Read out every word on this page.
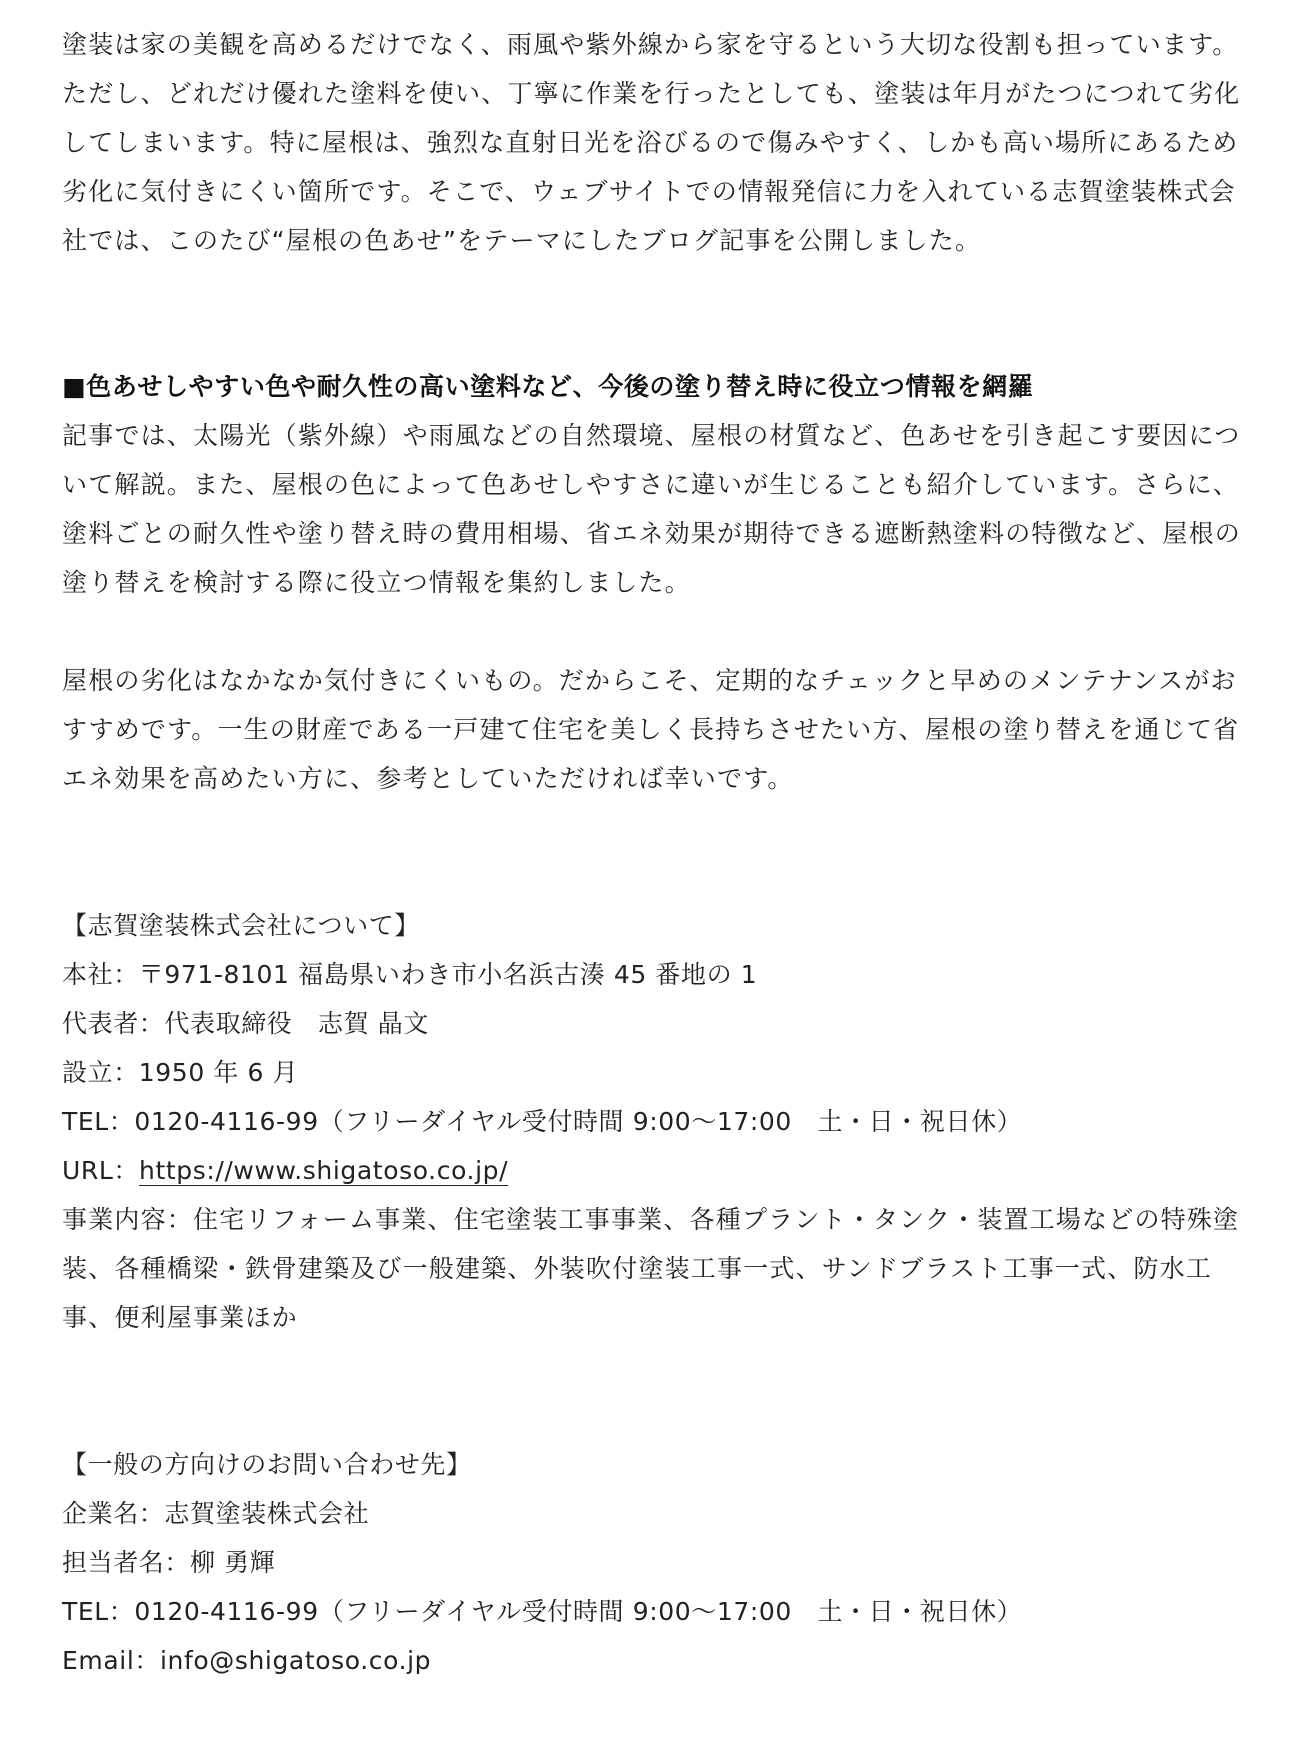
塗装は家の美観を高めるだけでなく、雨風や紫外線から家を守るという大切な役割も担っています。ただし、どれだけ優れた塗料を使い、丁寧に作業を行ったとしても、塗装は年月がたつにつれて劣化してしまいます。特に屋根は、強烈な直射日光を浴びるので傷みやすく、しかも高い場所にあるため劣化に気付きにくい箇所です。そこで、ウェブサイトでの情報発信に力を入れている志賀塗装株式会社では、このたび“屋根の色あせ”をテーマにしたブログ記事を公開しました。

■色あせしやすい色や耐久性の高い塗料など、今後の塗り替え時に役立つ情報を網羅

記事では、太陽光（紫外線）や雨風などの自然環境、屋根の材質など、色あせを引き起こす要因について解説。また、屋根の色によって色あせしやすさに違いが生じることも紹介しています。さらに、塗料ごとの耐久性や塗り替え時の費用相場、省エネ効果が期待できる遮断熱塗料の特徴など、屋根の塗り替えを検討する際に役立つ情報を集約しました。

屋根の劣化はなかなか気付きにくいもの。だからこそ、定期的なチェックと早めのメンテナンスがおすすめです。一生の財産である一戸建て住宅を美しく長持ちさせたい方、屋根の塗り替えを通じて省エネ効果を高めたい方に、参考としていただければ幸いです。

【志賀塗装株式会社について】

本社：〒971-8101 福島県いわき市小名浜古湊 45 番地の 1

代表者：代表取締役　志賀 晶文

設立：1950 年 6 月

TEL：0120-4116-99（フリーダイヤル受付時間 9:00～17:00　土・日・祝日休）

URL：https://www.shigatoso.co.jp/

事業内容：住宅リフォーム事業、住宅塗装工事事業、各種プラント・タンク・装置工場などの特殊塗装、各種橋梁・鉄骨建築及び一般建築、外装吹付塗装工事一式、サンドブラスト工事一式、防水工事、便利屋事業ほか

【一般の方向けのお問い合わせ先】

企業名：志賀塗装株式会社

担当者名：柳 勇輝

TEL：0120-4116-99（フリーダイヤル受付時間 9:00～17:00　土・日・祝日休）

Email：info@shigatoso.co.jp
